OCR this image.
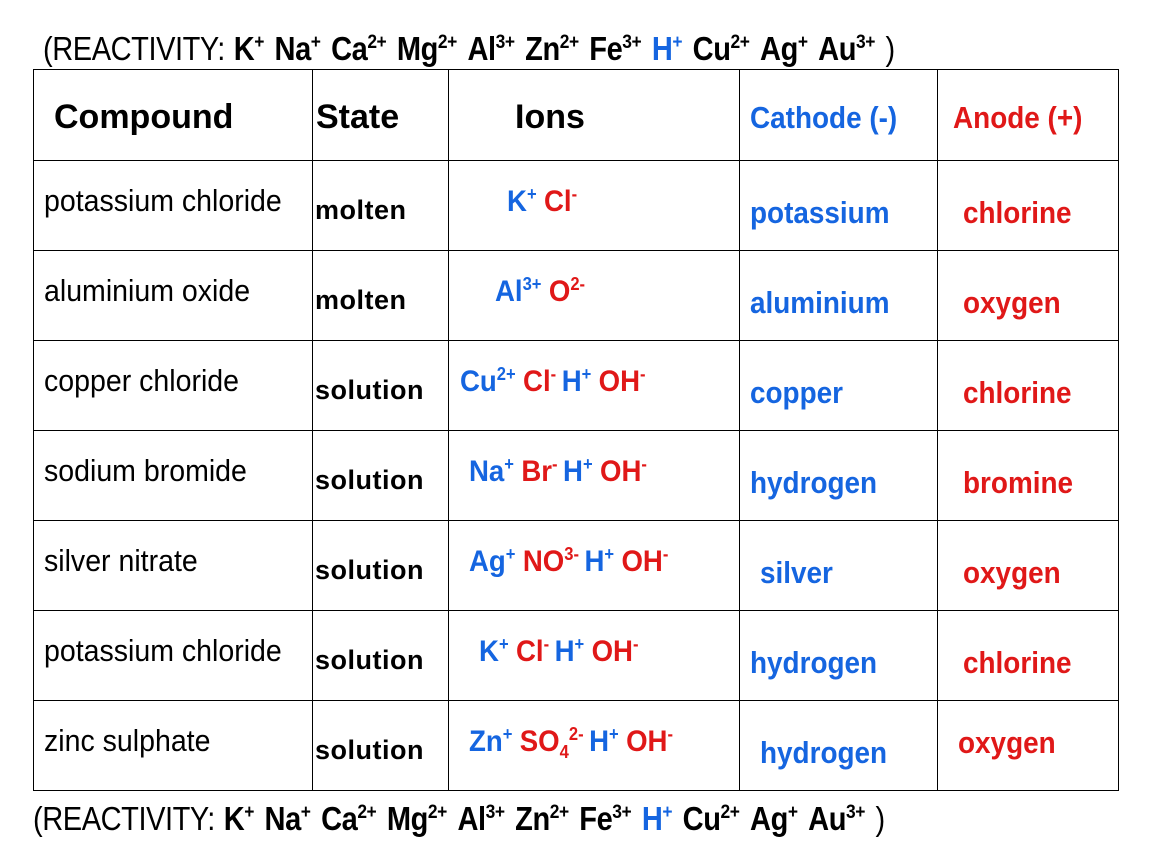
(REACTIVITY: K+ Na+ $Ca^{2+}$ $Mg^{2+}$ $Al^{3+}$ $Zn^{2+}$ $Fe^{3+}$ H+ $Cu^{2+}$ Ag+ $Au^{3+}$ )
Compound	State	Ions	Cathode (-)	Anode (+)

potassium chloride	molten	K+ Cl-	potassium	chlorine

aluminium oxide	molten	$Al^{3+}$ $O^{2-}$	aluminium	oxygen

copper chloride	solution	$Cu^{2+}$ Cl- H+ OH-	copper	chlorine

sodium bromide	solution	Na+ Br- H+ OH-	hydrogen	bromine

silver nitrate	solution	Ag+ $NO^{3-}$ H+ OH-	silver	oxygen

potassium chloride	solution	K+ Cl- H+ OH-	hydrogen	chlorine

zinc sulphate	solution	Zn+ $SO_4^{2-}$ H+ OH-	hydrogen	oxygen
(REACTIVITY: K+ Na+ $Ca^{2+}$ $Mg^{2+}$ $Al^{3+}$ $Zn^{2+}$ $Fe^{3+}$ H+ $Cu^{2+}$ Ag+ $Au^{3+}$ )
